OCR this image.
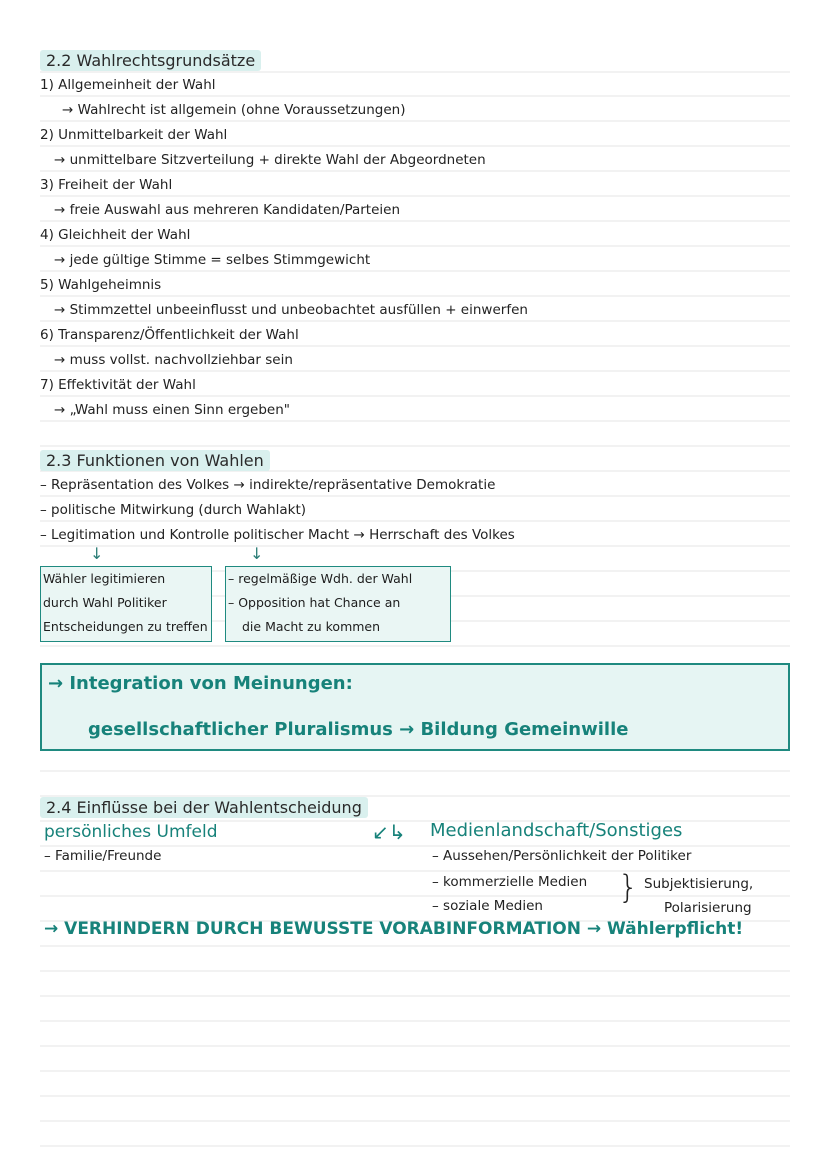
2.2 Wahlrechtsgrundsätze
1) Allgemeinheit der Wahl
→ Wahlrecht ist allgemein (ohne Voraussetzungen)
2) Unmittelbarkeit der Wahl
→ unmittelbare Sitzverteilung + direkte Wahl der Abgeordneten
3) Freiheit der Wahl
→ freie Auswahl aus mehreren Kandidaten/Parteien
4) Gleichheit der Wahl
→ jede gültige Stimme = selbes Stimmgewicht
5) Wahlgeheimnis
→ Stimmzettel unbeeinflusst und unbeobachtet ausfüllen + einwerfen
6) Transparenz/Öffentlichkeit der Wahl
→ muss vollst. nachvollziehbar sein
7) Effektivität der Wahl
→ „Wahl muss einen Sinn ergeben"
2.3 Funktionen von Wahlen
– Repräsentation des Volkes → indirekte/repräsentative Demokratie
– politische Mitwirkung (durch Wahlakt)
– Legitimation und Kontrolle politischer Macht → Herrschaft des Volkes
↓	↓
Wähler legitimieren
durch Wahl Politiker
Entscheidungen zu treffen
– regelmäßige Wdh. der Wahl
– Opposition hat Chance an
die Macht zu kommen
→ Integration von Meinungen:
gesellschaftlicher Pluralismus → Bildung Gemeinwille
2.4 Einflüsse bei der Wahlentscheidung
persönliches Umfeld
– Familie/Freunde
↙↳ Medienlandschaft/Sonstiges
– Aussehen/Persönlichkeit der Politiker
– kommerzielle Medien
– soziale Medien } Subjektisierung,
Polarisierung
→ VERHINDERN DURCH BEWUSSTE VORABINFORMATION → Wählerpflicht!
